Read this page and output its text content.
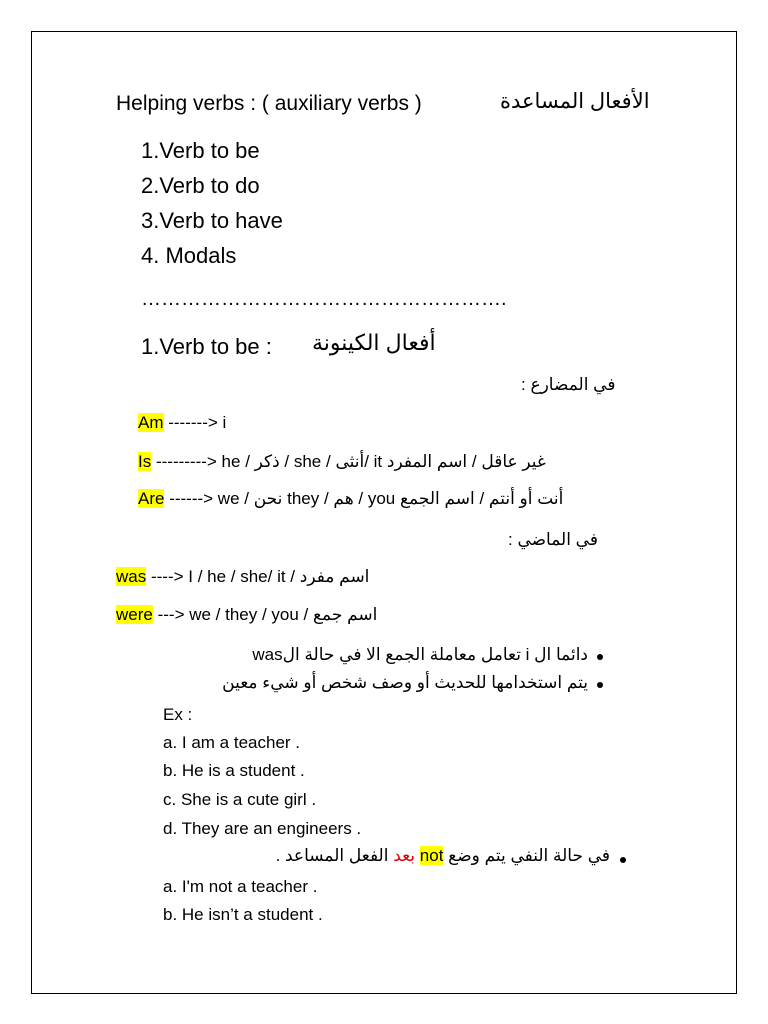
Helping verbs : ( auxiliary verbs )	الأفعال المساعدة
1.Verb to be
2.Verb to do
3.Verb to have
4. Modals
……………………………………………….
1.Verb to be : أفعال الكينونة
في المضارع :
Am -------> i
Is ---------> he / ذكر / she / أنثى/ it غير عاقل / اسم المفرد
Are ------> we / نحن they / هم / you أنت أو أنتم / اسم الجمع
في الماضي :
was ----> I / he / she/ it / اسم مفرد
were ---> we / they / you / اسم جمع
دائما ال i تعامل معاملة الجمع الا في حالة الwas
يتم استخدامها للحديث أو وصف شخص أو شيء معين
Ex :
a. I am a teacher .
b. He is a student .
c. She is a cute girl .
d. They are an engineers .
في حالة النفي يتم وضع not بعد الفعل المساعد .
a. I'm not a teacher .
b. He isn’t a student .
